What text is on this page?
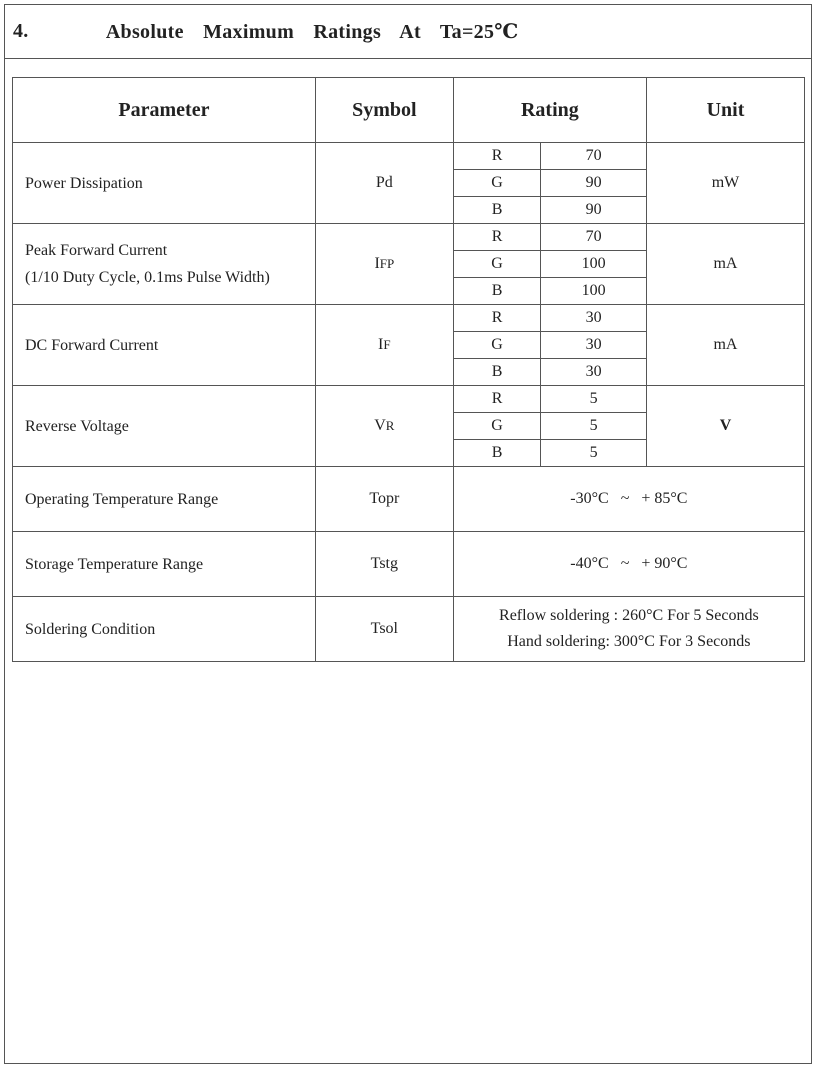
4.
	Absolute Maximum Ratings At Ta=25℃
Parameter	Symbol	Rating		Unit
Power Dissipation	Pd	R	70	mW
		G	90	
		B	90	

Peak Forward Current
(1/10 Duty Cycle, 0.1ms Pulse Width)	IFP	R	70	mA
		G	100	
		B	100	
DC Forward Current	IF	R	30	mA
		G	30	
		B	30	
Reverse Voltage	VR	R	5	V
		G	5	
		B	5	
Operating Temperature Range	Topr	-30°C   ~   + 85°C		
Storage Temperature Range	Tstg	-40°C   ~   + 90°C		
Soldering Condition	Tsol	Reflow soldering : 260°C For 5 Seconds
Hand soldering: 300°C For 3 Seconds		
